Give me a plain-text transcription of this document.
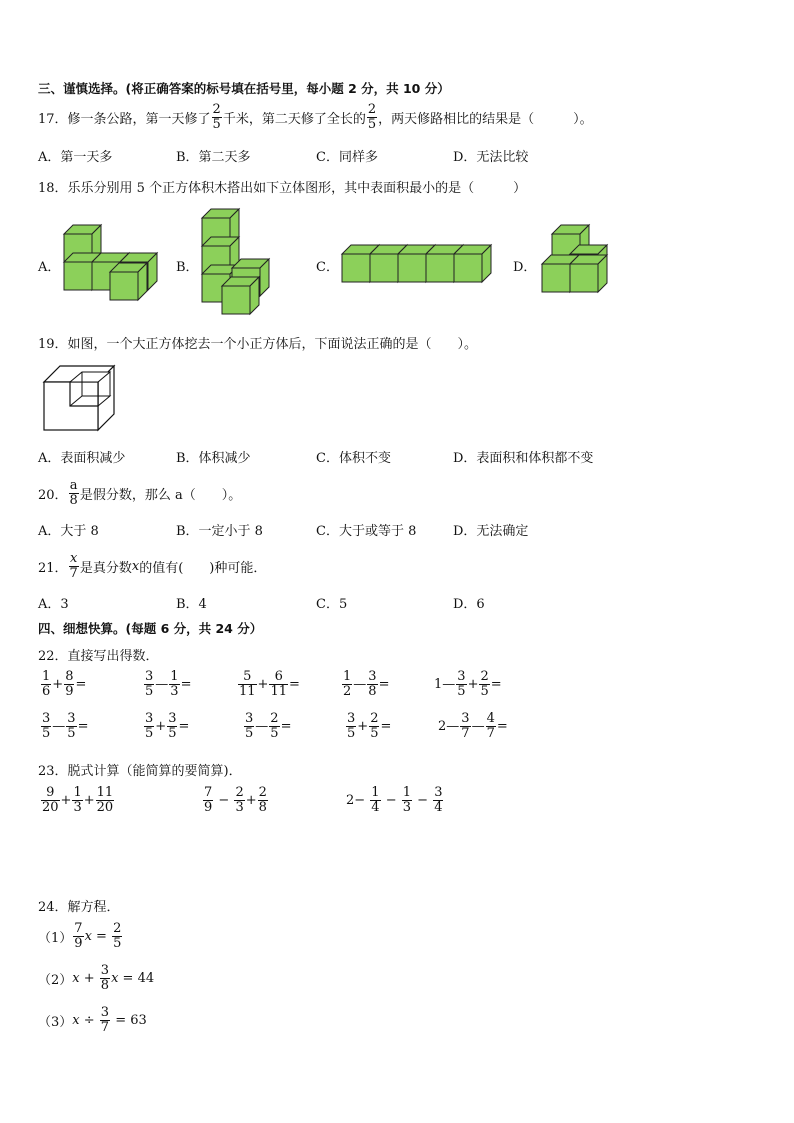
三、谨慎选择。(将正确答案的标号填在括号里，每小题 2 分，共 10 分）
17．修一条公路，第一天修了 $\frac{2}{5}$ 千米，第二天修了全长的 $\frac{2}{5}$ ，两天修路相比的结果是（　　　）。
A．第一天多	B．第二天多	C．同样多	D．无法比较
18．乐乐分别用 5 个正方体积木搭出如下立体图形，其中表面积最小的是（　　　）
A．	B．	C．	D．
19．如图，一个大正方体挖去一个小正方体后，下面说法正确的是（　　）。
A．表面积减少	B．体积减少	C．体积不变	D．表面积和体积都不变
20． $\frac{a}{8}$ 是假分数，那么 a（　　）。
A．大于 8	B．一定小于 8	C．大于或等于 8	D．无法确定
21． $\frac{x}{7}$ 是真分数 x 的值有(　　)种可能．
A．3	B．4	C．5	D．6
四、细想快算。(每题 6 分，共 24 分）
22．直接写出得数．
$\frac{1}{6} + \frac{8}{9}$ =	$\frac{3}{5}$ — $\frac{1}{3}$ =	$\frac{5}{11} + \frac{6}{11}$ =	$\frac{1}{2}$ — $\frac{3}{8}$ =	1— $\frac{3}{5} + \frac{2}{5}$ =
$\frac{3}{5}$ — $\frac{3}{5}$ =	$\frac{3}{5} + \frac{3}{5}$ =	$\frac{3}{5}$ — $\frac{2}{5}$ =	$\frac{3}{5} + \frac{2}{5}$ =	2— $\frac{3}{7}$ — $\frac{4}{7}$ =
23．脱式计算（能简算的要简算)．
$\frac{9}{20} + \frac{1}{3} + \frac{11}{20}$	$\frac{7}{9} - \frac{2}{3} + \frac{2}{8}$	$2- \frac{1}{4} - \frac{1}{3} - \frac{3}{4}$
24．解方程．
$(1) \frac{7}{9}$ $x = \frac{2}{5}$
（2） $x + \frac{3}{8}$ x = 44
（3） $x \div \frac{3}{7} = 63$
